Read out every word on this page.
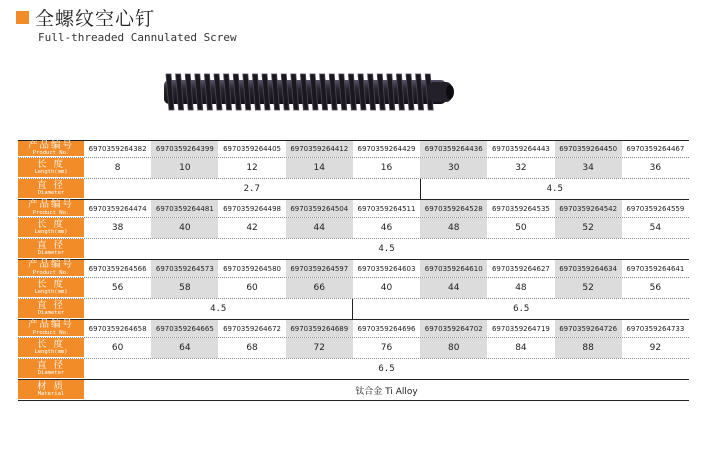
全螺纹空心钉
Full-threaded Cannulated Screw
产品编号
Product No.	6970359264382	6970359264399	6970359264405	6970359264412	6970359264429	6970359264436	6970359264443	6970359264450	6970359264467
长 度
Length(mm)	8	10	12	14	16	30	32	34	36
直 径
Diameter	2.7	4.5
产品编号
Product No.	6970359264474	6970359264481	6970359264498	6970359264504	6970359264511	6970359264528	6970359264535	6970359264542	6970359264559
长 度
Length(mm)	38	40	42	44	46	48	50	52	54
直 径
Diameter	4.5
产品编号
Product No.	6970359264566	6970359264573	6970359264580	6970359264597	6970359264603	6970359264610	6970359264627	6970359264634	6970359264641
长 度
Length(mm)	56	58	60	66	40	44	48	52	56
直 径
Diameter	4.5	6.5
产品编号
Product No.	6970359264658	6970359264665	6970359264672	6970359264689	6970359264696	6970359264702	6970359264719	6970359264726	6970359264733
长 度
Length(mm)	60	64	68	72	76	80	84	88	92
直 径
Diameter	6.5
材 质
Material	钛合金 Ti Alloy
